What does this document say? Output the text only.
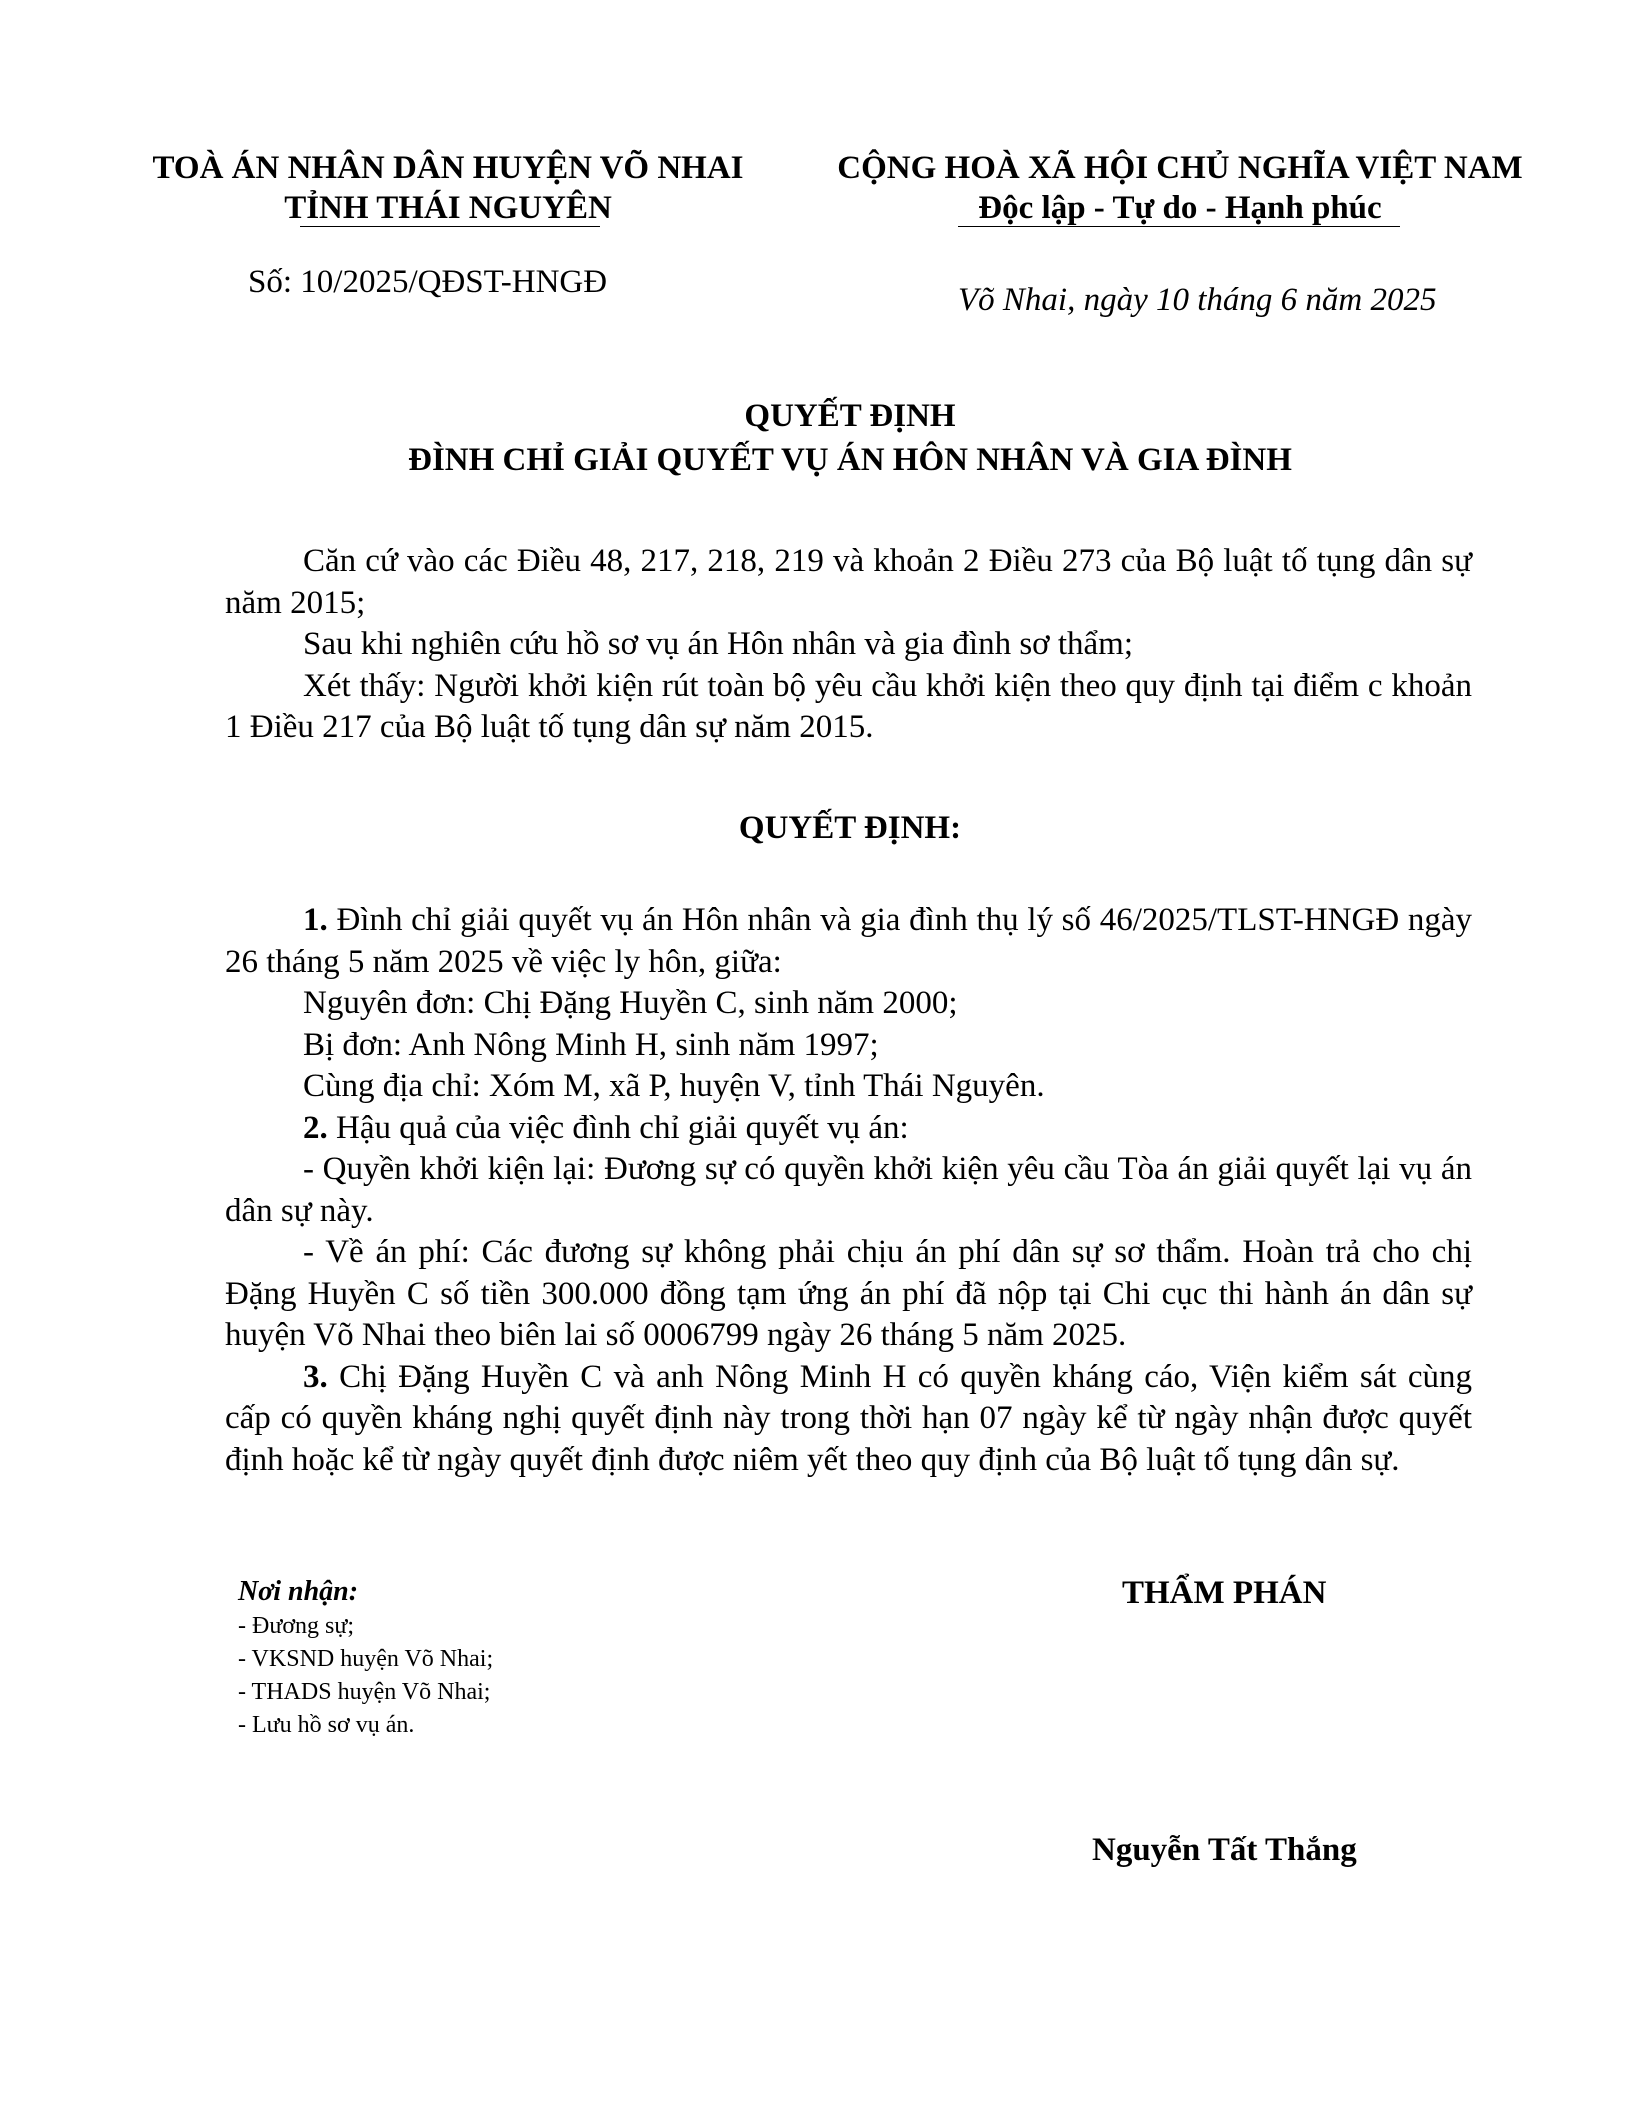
TOÀ ÁN NHÂN DÂN HUYỆN VÕ NHAI
TỈNH THÁI NGUYÊN
Số: 10/2025/QĐST-HNGĐ
CỘNG HOÀ XÃ HỘI CHỦ NGHĨA VIỆT NAM
Độc lập - Tự do - Hạnh phúc
Võ Nhai, ngày 10 tháng 6 năm 2025
QUYẾT ĐỊNH
ĐÌNH CHỈ GIẢI QUYẾT VỤ ÁN HÔN NHÂN VÀ GIA ĐÌNH

Căn cứ vào các Điều 48, 217, 218, 219 và khoản 2 Điều 273 của Bộ luật tố tụng dân sự năm 2015;

Sau khi nghiên cứu hồ sơ vụ án Hôn nhân và gia đình sơ thẩm;

Xét thấy: Người khởi kiện rút toàn bộ yêu cầu khởi kiện theo quy định tại điểm c khoản 1 Điều 217 của Bộ luật tố tụng dân sự năm 2015.

QUYẾT ĐỊNH:

1. Đình chỉ giải quyết vụ án Hôn nhân và gia đình thụ lý số 46/2025/TLST-HNGĐ ngày 26 tháng 5 năm 2025 về việc ly hôn, giữa:

Nguyên đơn: Chị Đặng Huyền C, sinh năm 2000;

Bị đơn: Anh Nông Minh H, sinh năm 1997;

Cùng địa chỉ: Xóm M, xã P, huyện V, tỉnh Thái Nguyên.

2. Hậu quả của việc đình chỉ giải quyết vụ án:

- Quyền khởi kiện lại: Đương sự có quyền khởi kiện yêu cầu Tòa án giải quyết lại vụ án dân sự này.

- Về án phí: Các đương sự không phải chịu án phí dân sự sơ thẩm. Hoàn trả cho chị Đặng Huyền C số tiền 300.000 đồng tạm ứng án phí đã nộp tại Chi cục thi hành án dân sự huyện Võ Nhai theo biên lai số 0006799 ngày 26 tháng 5 năm 2025.

3. Chị Đặng Huyền C và anh Nông Minh H có quyền kháng cáo, Viện kiểm sát cùng cấp có quyền kháng nghị quyết định này trong thời hạn 07 ngày kể từ ngày nhận được quyết định hoặc kể từ ngày quyết định được niêm yết theo quy định của Bộ luật tố tụng dân sự.

Nơi nhận:
- Đương sự;
- VKSND huyện Võ Nhai;
- THADS huyện Võ Nhai;
- Lưu hồ sơ vụ án.
THẨM PHÁN
Nguyễn Tất Thắng
